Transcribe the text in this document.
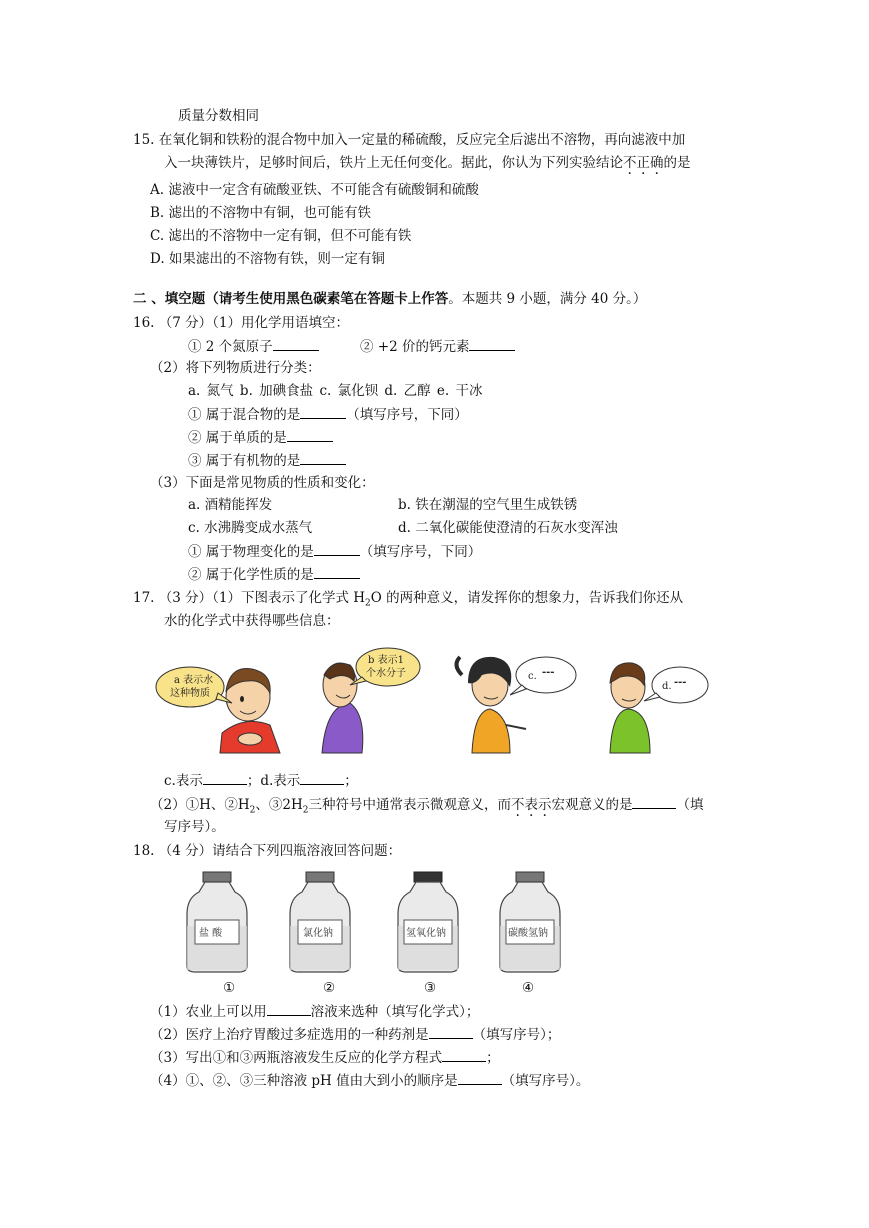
质量分数相同
15. 在氧化铜和铁粉的混合物中加入一定量的稀硫酸，反应完全后滤出不溶物，再向滤液中加
入一块薄铁片，足够时间后，铁片上无任何变化。据此，你认为下列实验结论不正确的是
A. 滤液中一定含有硫酸亚铁、不可能含有硫酸铜和硫酸
B. 滤出的不溶物中有铜，也可能有铁
C. 滤出的不溶物中一定有铜，但不可能有铁
D. 如果滤出的不溶物有铁，则一定有铜
二 、填空题（请考生使用黑色碳素笔在答题卡上作答。本题共 9 小题，满分 40 分。）
16. （7 分）（1）用化学用语填空：
① 2 个氮原子	② +2 价的钙元素
（2）将下列物质进行分类：
a. 氮气 b. 加碘食盐 c. 氯化钡 d. 乙醇 e. 干冰
① 属于混合物的是	（填写序号，下同）
② 属于单质的是
③ 属于有机物的是
（3）下面是常见物质的性质和变化：
a. 酒精能挥发	b. 铁在潮湿的空气里生成铁锈
c. 水沸腾变成水蒸气	d. 二氧化碳能使澄清的石灰水变浑浊
① 属于物理变化的是	（填写序号，下同）
② 属于化学性质的是
17. （3 分）（1）下图表示了化学式 $H_2O$ 的两种意义，请发挥你的想象力，告诉我们你还从
水的化学式中获得哪些信息：
a 表示水
这种物质
b 表示1
个水分子	c. ---
d. ---
c.表示	；d.表示	；
（2）①H、$②H_2$、$③2H_2$三种符号中通常表示微观意义，而不表示宏观意义的是	（填
写序号）。
18. （4 分）请结合下列四瓶溶液回答问题：
盐 酸	氯化钠	氢氧化钠	碳酸氢钠
①	②	③	④
（1）农业上可以用	溶液来选种（填写化学式）；
（2）医疗上治疗胃酸过多症选用的一种药剂是	（填写序号）；
（3）写出①和③两瓶溶液发生反应的化学方程式	；
（4）①、②、③三种溶液 pH 值由大到小的顺序是	（填写序号）。
